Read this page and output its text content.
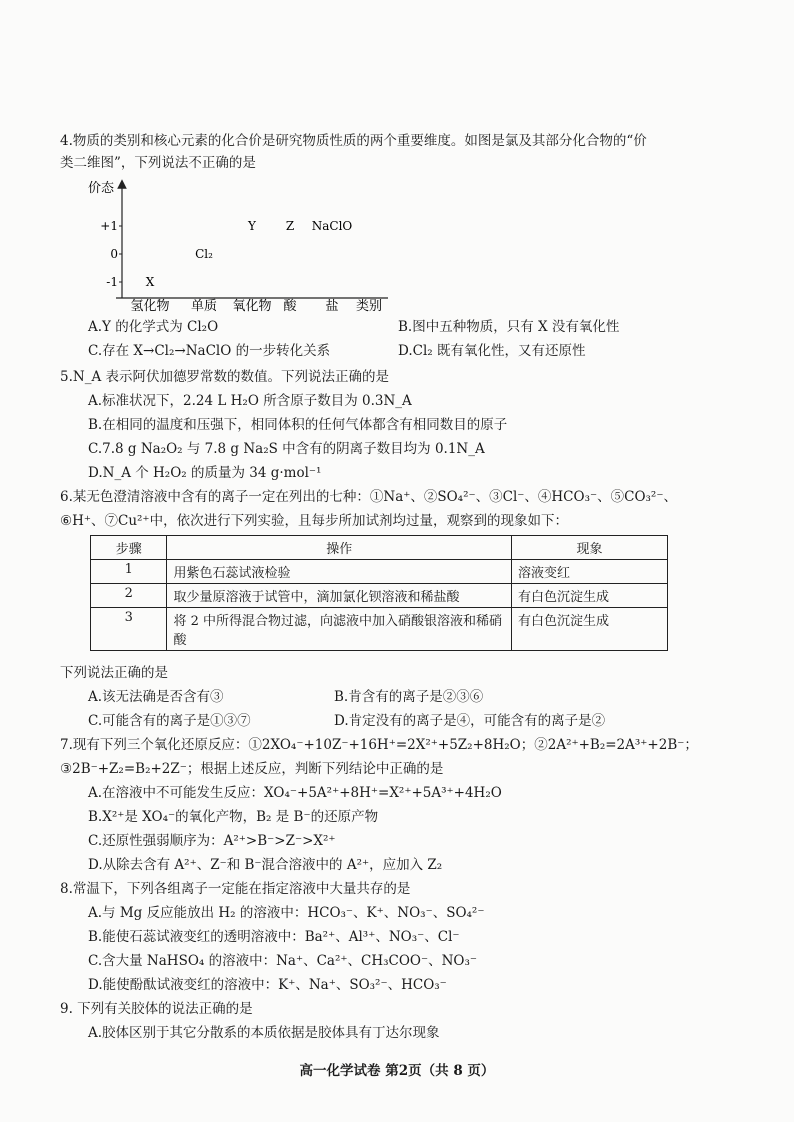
4.物质的类别和核心元素的化合价是研究物质性质的两个重要维度。如图是氯及其部分化合物的“价
类二维图”，下列说法不正确的是
价态
+1
0
-1
氢化物 单质 氧化物 酸 盐
X
Cl₂
Y Z NaClO
类别
A.Y 的化学式为 Cl₂O	B.图中五种物质，只有 X 没有氧化性
C.存在 X→Cl₂→NaClO 的一步转化关系	D.Cl₂ 既有氧化性，又有还原性
5.N_A 表示阿伏加德罗常数的数值。下列说法正确的是
A.标准状况下，2.24 L H₂O 所含原子数目为 0.3N_A
B.在相同的温度和压强下，相同体积的任何气体都含有相同数目的原子
C.7.8 g Na₂O₂ 与 7.8 g Na₂S 中含有的阴离子数目均为 0.1N_A
D.N_A 个 H₂O₂ 的质量为 34 g·mol⁻¹
6.某无色澄清溶液中含有的离子一定在列出的七种：①Na⁺、②SO₄²⁻、③Cl⁻、④HCO₃⁻、⑤CO₃²⁻、
⑥H⁺、⑦Cu²⁺中，依次进行下列实验，且每步所加试剂均过量，观察到的现象如下：
步骤	操作	现象
1	用紫色石蕊试液检验	溶液变红
2	取少量原溶液于试管中，滴加氯化钡溶液和稀盐酸	有白色沉淀生成
3	将 2 中所得混合物过滤，向滤液中加入硝酸银溶液和稀硝酸	有白色沉淀生成
下列说法正确的是
A.该无法确是否含有③	B.肯含有的离子是②③⑥
C.可能含有的离子是①③⑦	D.肯定没有的离子是④，可能含有的离子是②
7.现有下列三个氧化还原反应：①2XO₄⁻+10Z⁻+16H⁺=2X²⁺+5Z₂+8H₂O；②2A²⁺+B₂=2A³⁺+2B⁻；
③2B⁻+Z₂=B₂+2Z⁻；根据上述反应，判断下列结论中正确的是
A.在溶液中不可能发生反应：XO₄⁻+5A²⁺+8H⁺=X²⁺+5A³⁺+4H₂O
B.X²⁺是 XO₄⁻的氧化产物，B₂ 是 B⁻的还原产物
C.还原性强弱顺序为：A²⁺>B⁻>Z⁻>X²⁺
D.从除去含有 A²⁺、Z⁻和 B⁻混合溶液中的 A²⁺，应加入 Z₂
8.常温下，下列各组离子一定能在指定溶液中大量共存的是
A.与 Mg 反应能放出 H₂ 的溶液中：HCO₃⁻、K⁺、NO₃⁻、SO₄²⁻
B.能使石蕊试液变红的透明溶液中：Ba²⁺、Al³⁺、NO₃⁻、Cl⁻
C.含大量 NaHSO₄ 的溶液中：Na⁺、Ca²⁺、CH₃COO⁻、NO₃⁻
D.能使酚酞试液变红的溶液中：K⁺、Na⁺、SO₃²⁻、HCO₃⁻
9. 下列有关胶体的说法正确的是
A.胶体区别于其它分散系的本质依据是胶体具有丁达尔现象
高一化学试卷 第2页（共 8 页）
